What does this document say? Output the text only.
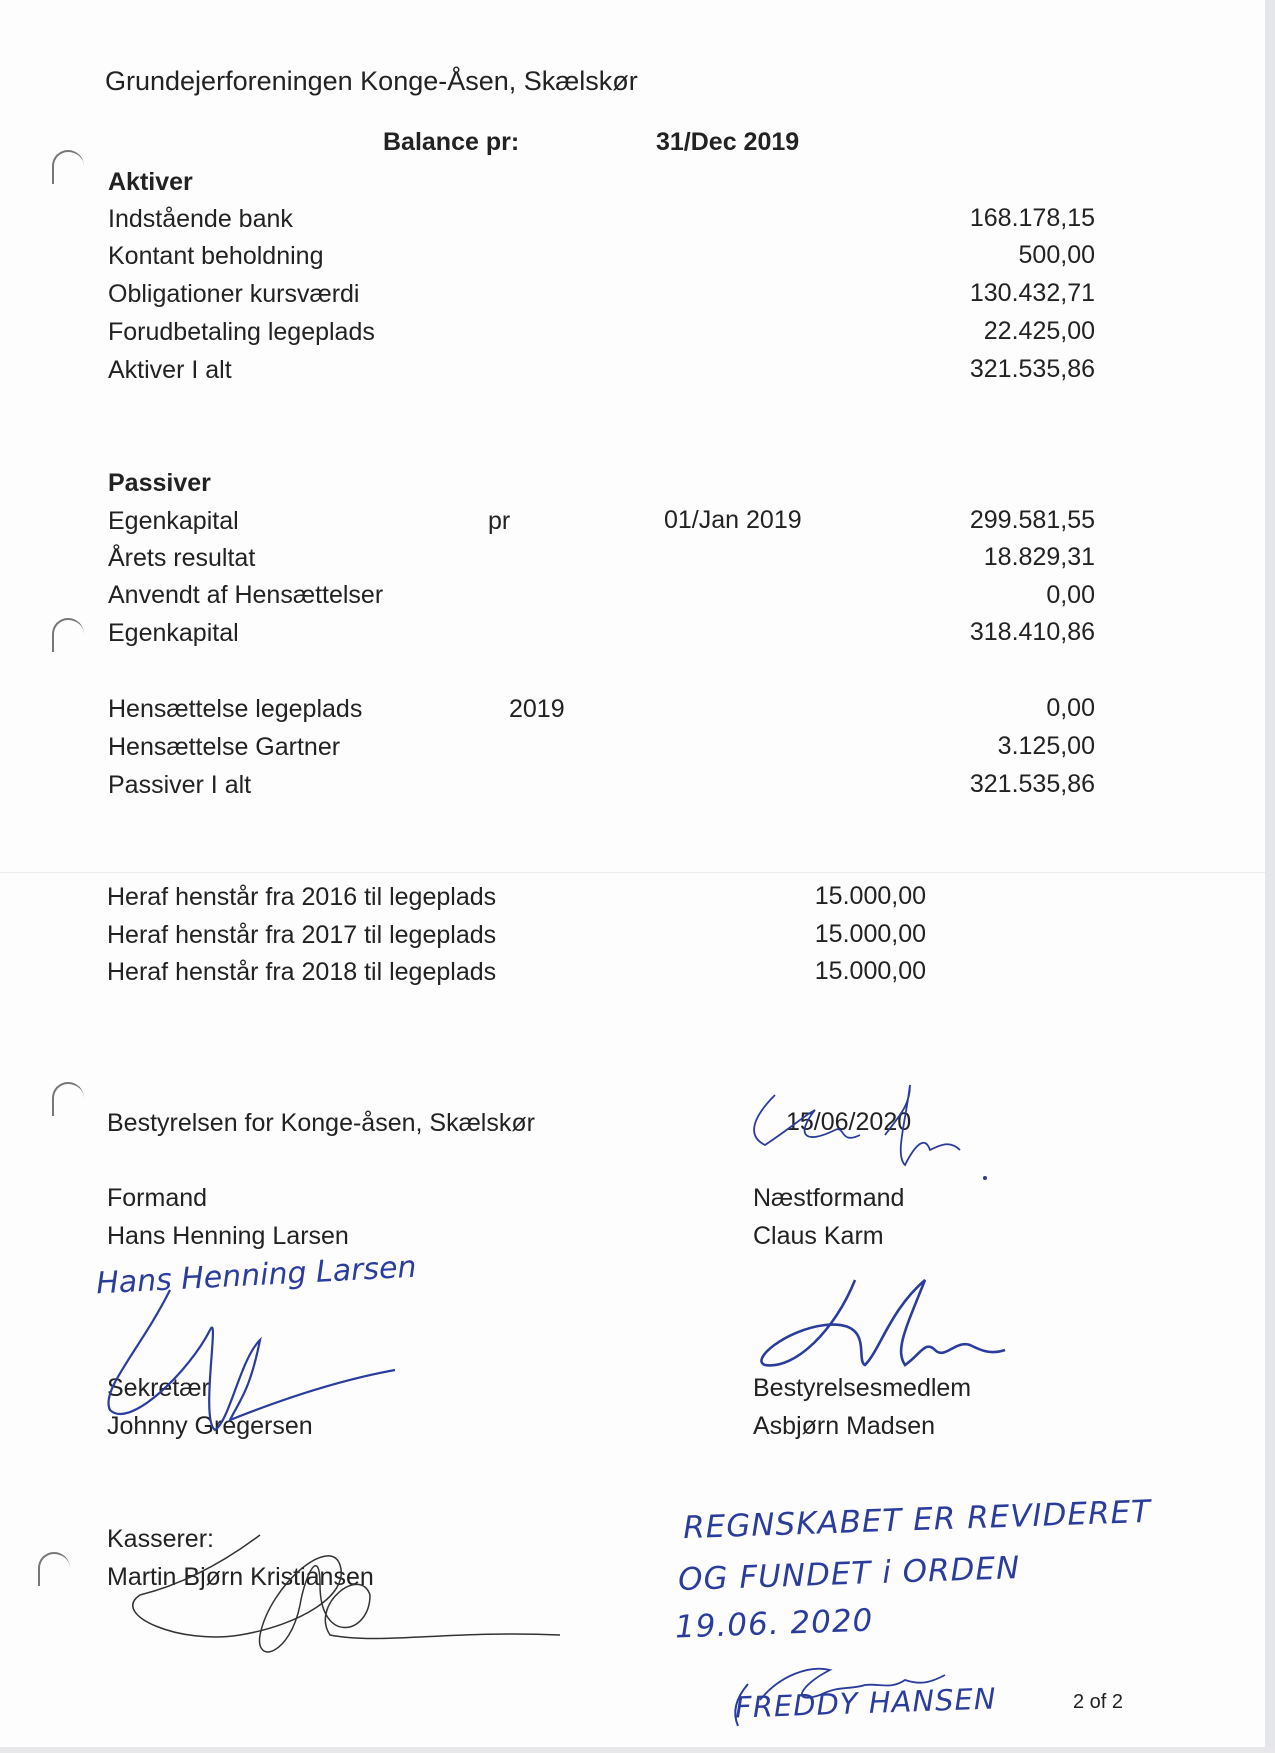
Grundejerforeningen Konge-Åsen, Skælskør
Balance pr:	31/Dec 2019
Aktiver
Indstående bank	168.178,15
Kontant beholdning	500,00
Obligationer kursværdi	130.432,71
Forudbetaling legeplads	22.425,00
Aktiver I alt	321.535,86
Passiver
Egenkapital	pr	01/Jan 2019	299.581,55
Årets resultat	18.829,31
Anvendt af Hensættelser	0,00
Egenkapital	318.410,86
Hensættelse legeplads	2019	0,00
Hensættelse Gartner	3.125,00
Passiver I alt	321.535,86
Heraf henstår fra 2016 til legeplads	15.000,00
Heraf henstår fra 2017 til legeplads	15.000,00
Heraf henstår fra 2018 til legeplads	15.000,00
Bestyrelsen for Konge-åsen, Skælskør	15/06/2020
Formand
Hans Henning Larsen
Næstformand
Claus Karm
Sekretær
Johnny Gregersen
Bestyrelsesmedlem
Asbjørn Madsen
Kasserer:
Martin Bjørn Kristiansen
Hans Henning Larsen
REGNSKABET ER REVIDERET
OG FUNDET i ORDEN
19.06. 2020
FREDDY HANSEN	2 of 2
